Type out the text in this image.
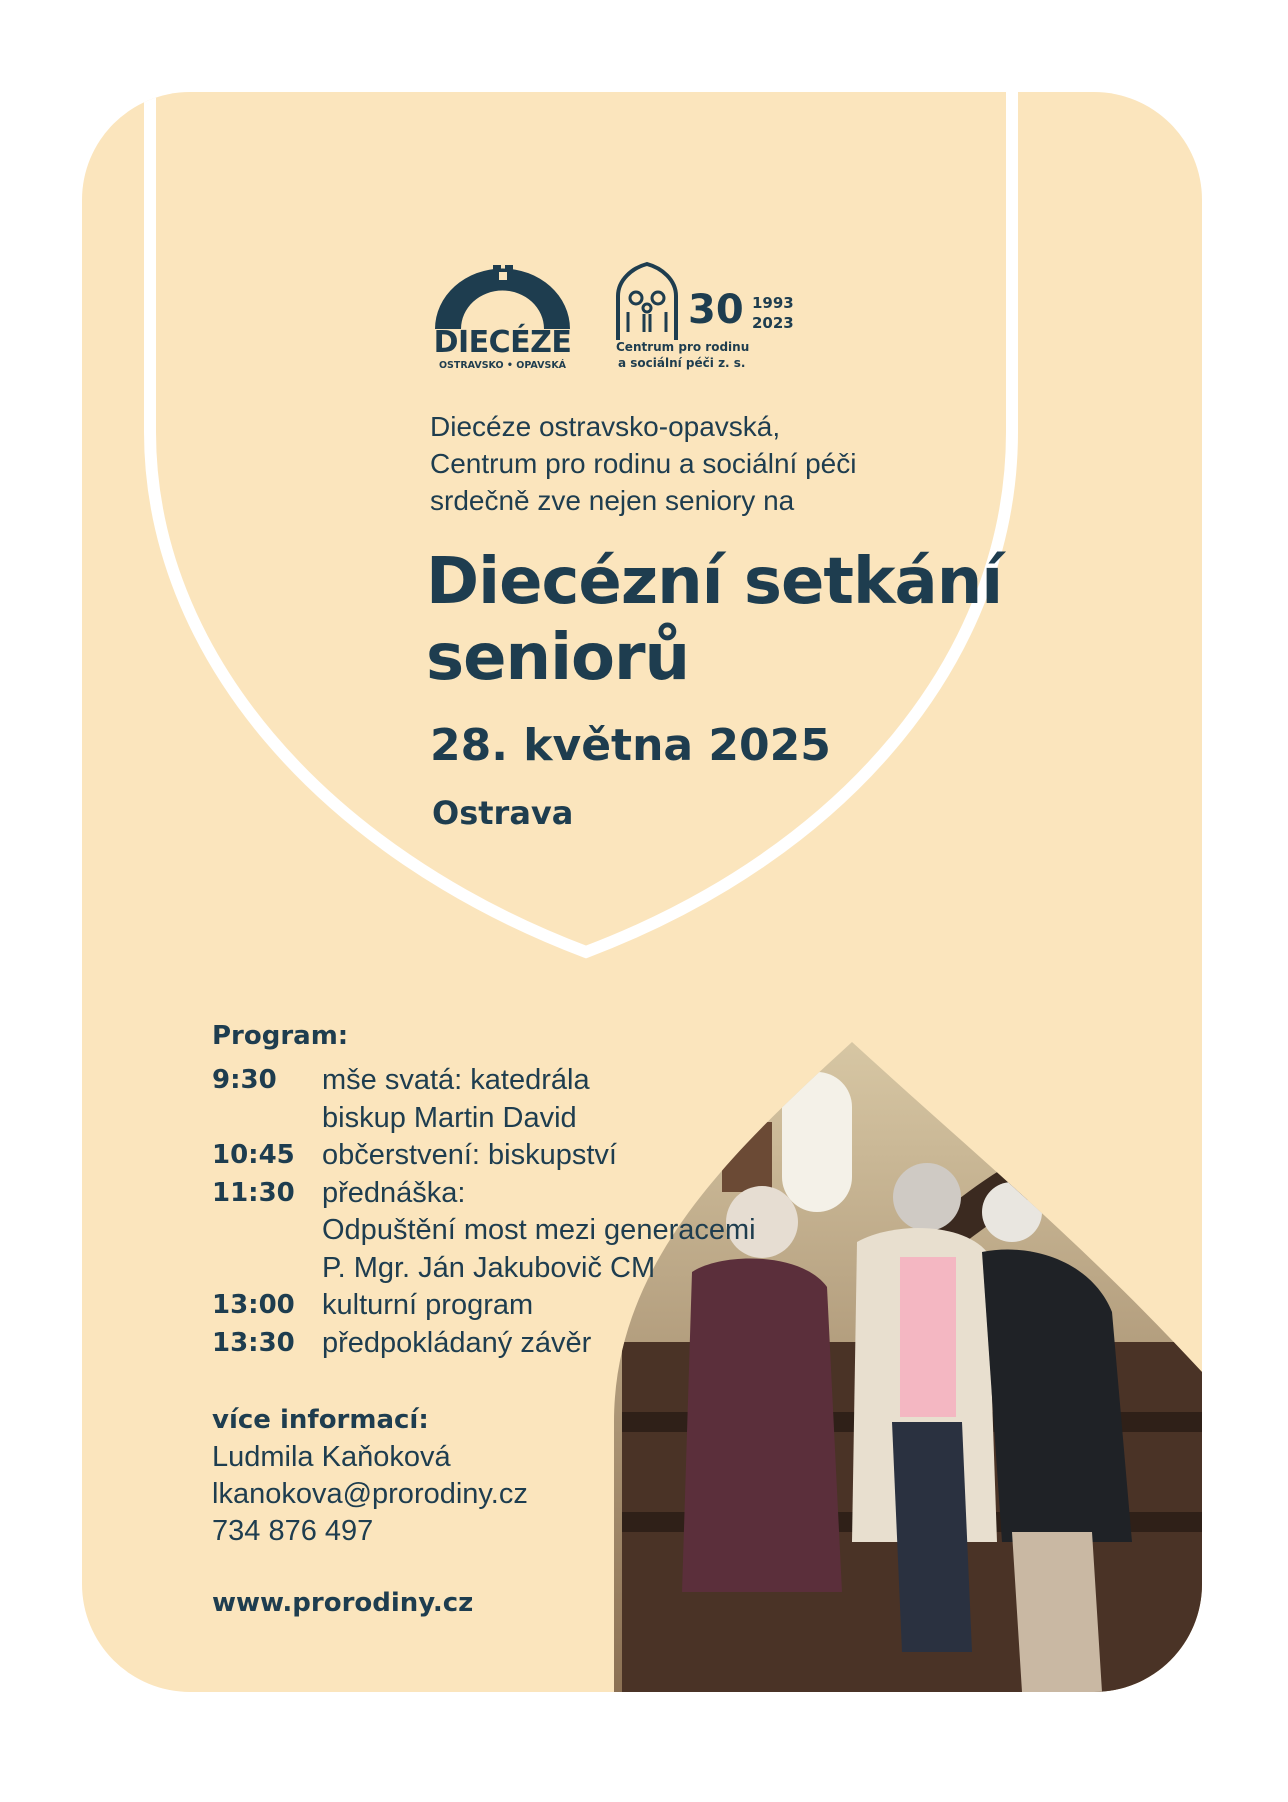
DIECÉZE
OSTRAVSKO • OPAVSKÁ
30 1993
2023
Centrum pro rodinu
a sociální péči z. s.
Diecéze ostravsko-opavská,
Centrum pro rodinu a sociální péči
srdečně zve nejen seniory na
Diecézní setkání
seniorů
28. května 2025
Ostrava
Program:
9:30	mše svatá: katedrála
biskup Martin David
10:45 občerstvení: biskupství
11:30 přednáška:
Odpuštění most mezi generacemi
P. Mgr. Ján Jakubovič CM
13:00 kulturní program
13:30 předpokládaný závěr
více informací:
Ludmila Kaňoková
lkanokova@prorodiny.cz
734 876 497
www.prorodiny.cz
